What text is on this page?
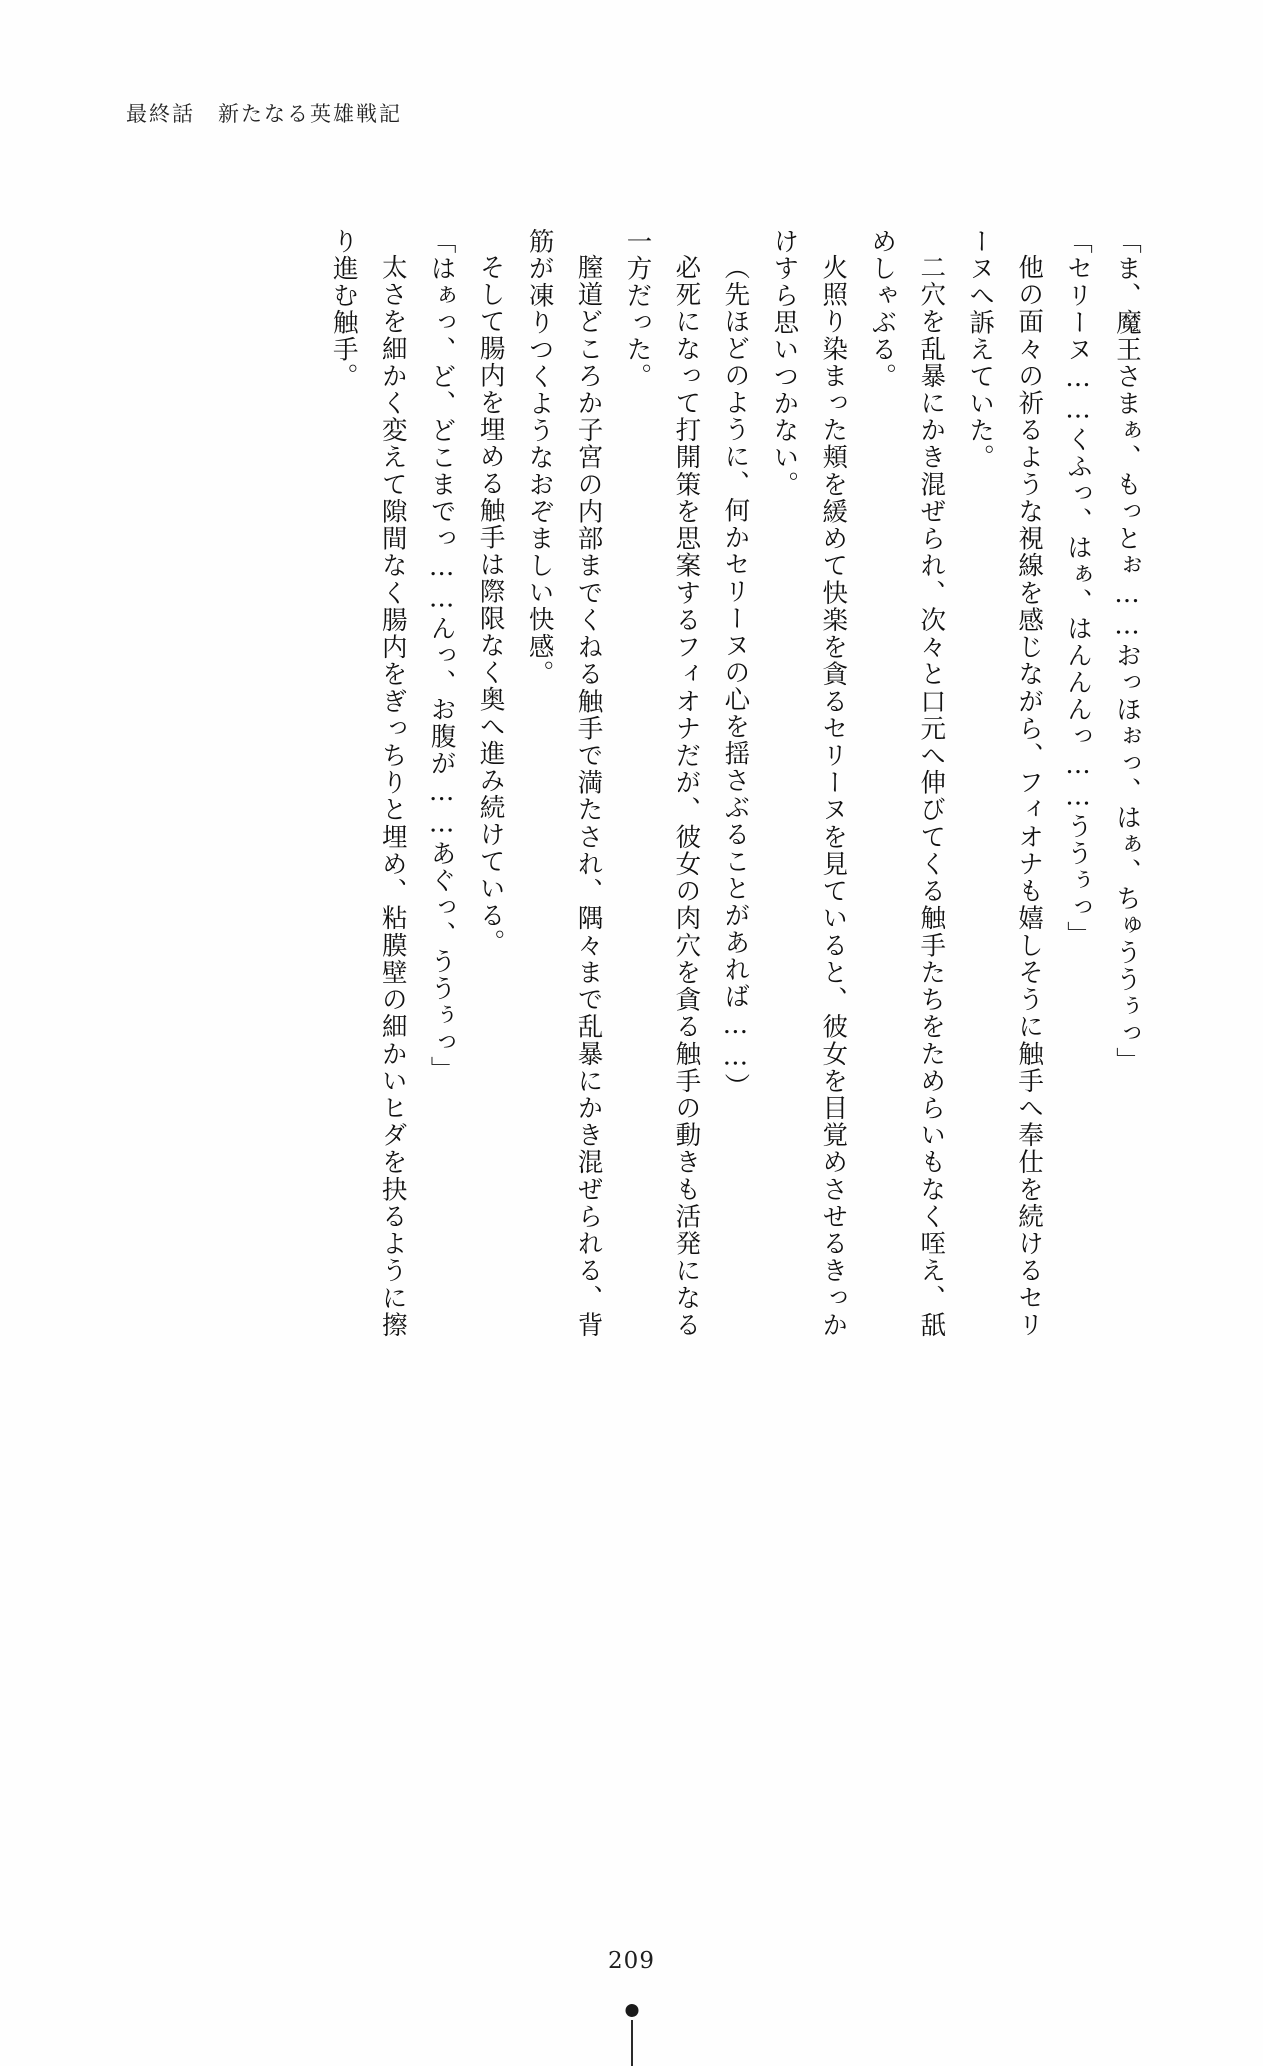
最終話　新たなる英雄戦記

「ま、魔王さまぁ、もっとぉ……おっほぉっ、はぁ、ちゅううぅっ」

「セリーヌ……くふっ、はぁ、はんんんっ……ううぅっ」

他の面々の祈るような視線を感じながら、フィオナも嬉しそうに触手へ奉仕を続けるセリーヌへ訴えていた。

二穴を乱暴にかき混ぜられ、次々と口元へ伸びてくる触手たちをためらいもなく咥え、舐めしゃぶる。

火照り染まった頬を緩めて快楽を貪るセリーヌを見ていると、彼女を目覚めさせるきっかけすら思いつかない。

（先ほどのように、何かセリーヌの心を揺さぶることがあれば……）

必死になって打開策を思案するフィオナだが、彼女の肉穴を貪る触手の動きも活発になる一方だった。

膣道どころか子宮の内部までくねる触手で満たされ、隅々まで乱暴にかき混ぜられる、背筋が凍りつくようなおぞましい快感。

そして腸内を埋める触手は際限なく奥へ進み続けている。

「はぁっ、ど、どこまでっ……んっ、お腹が……あぐっ、ううぅっ」

太さを細かく変えて隙間なく腸内をぎっちりと埋め、粘膜壁の細かいヒダを抉るように擦り進む触手。

209
